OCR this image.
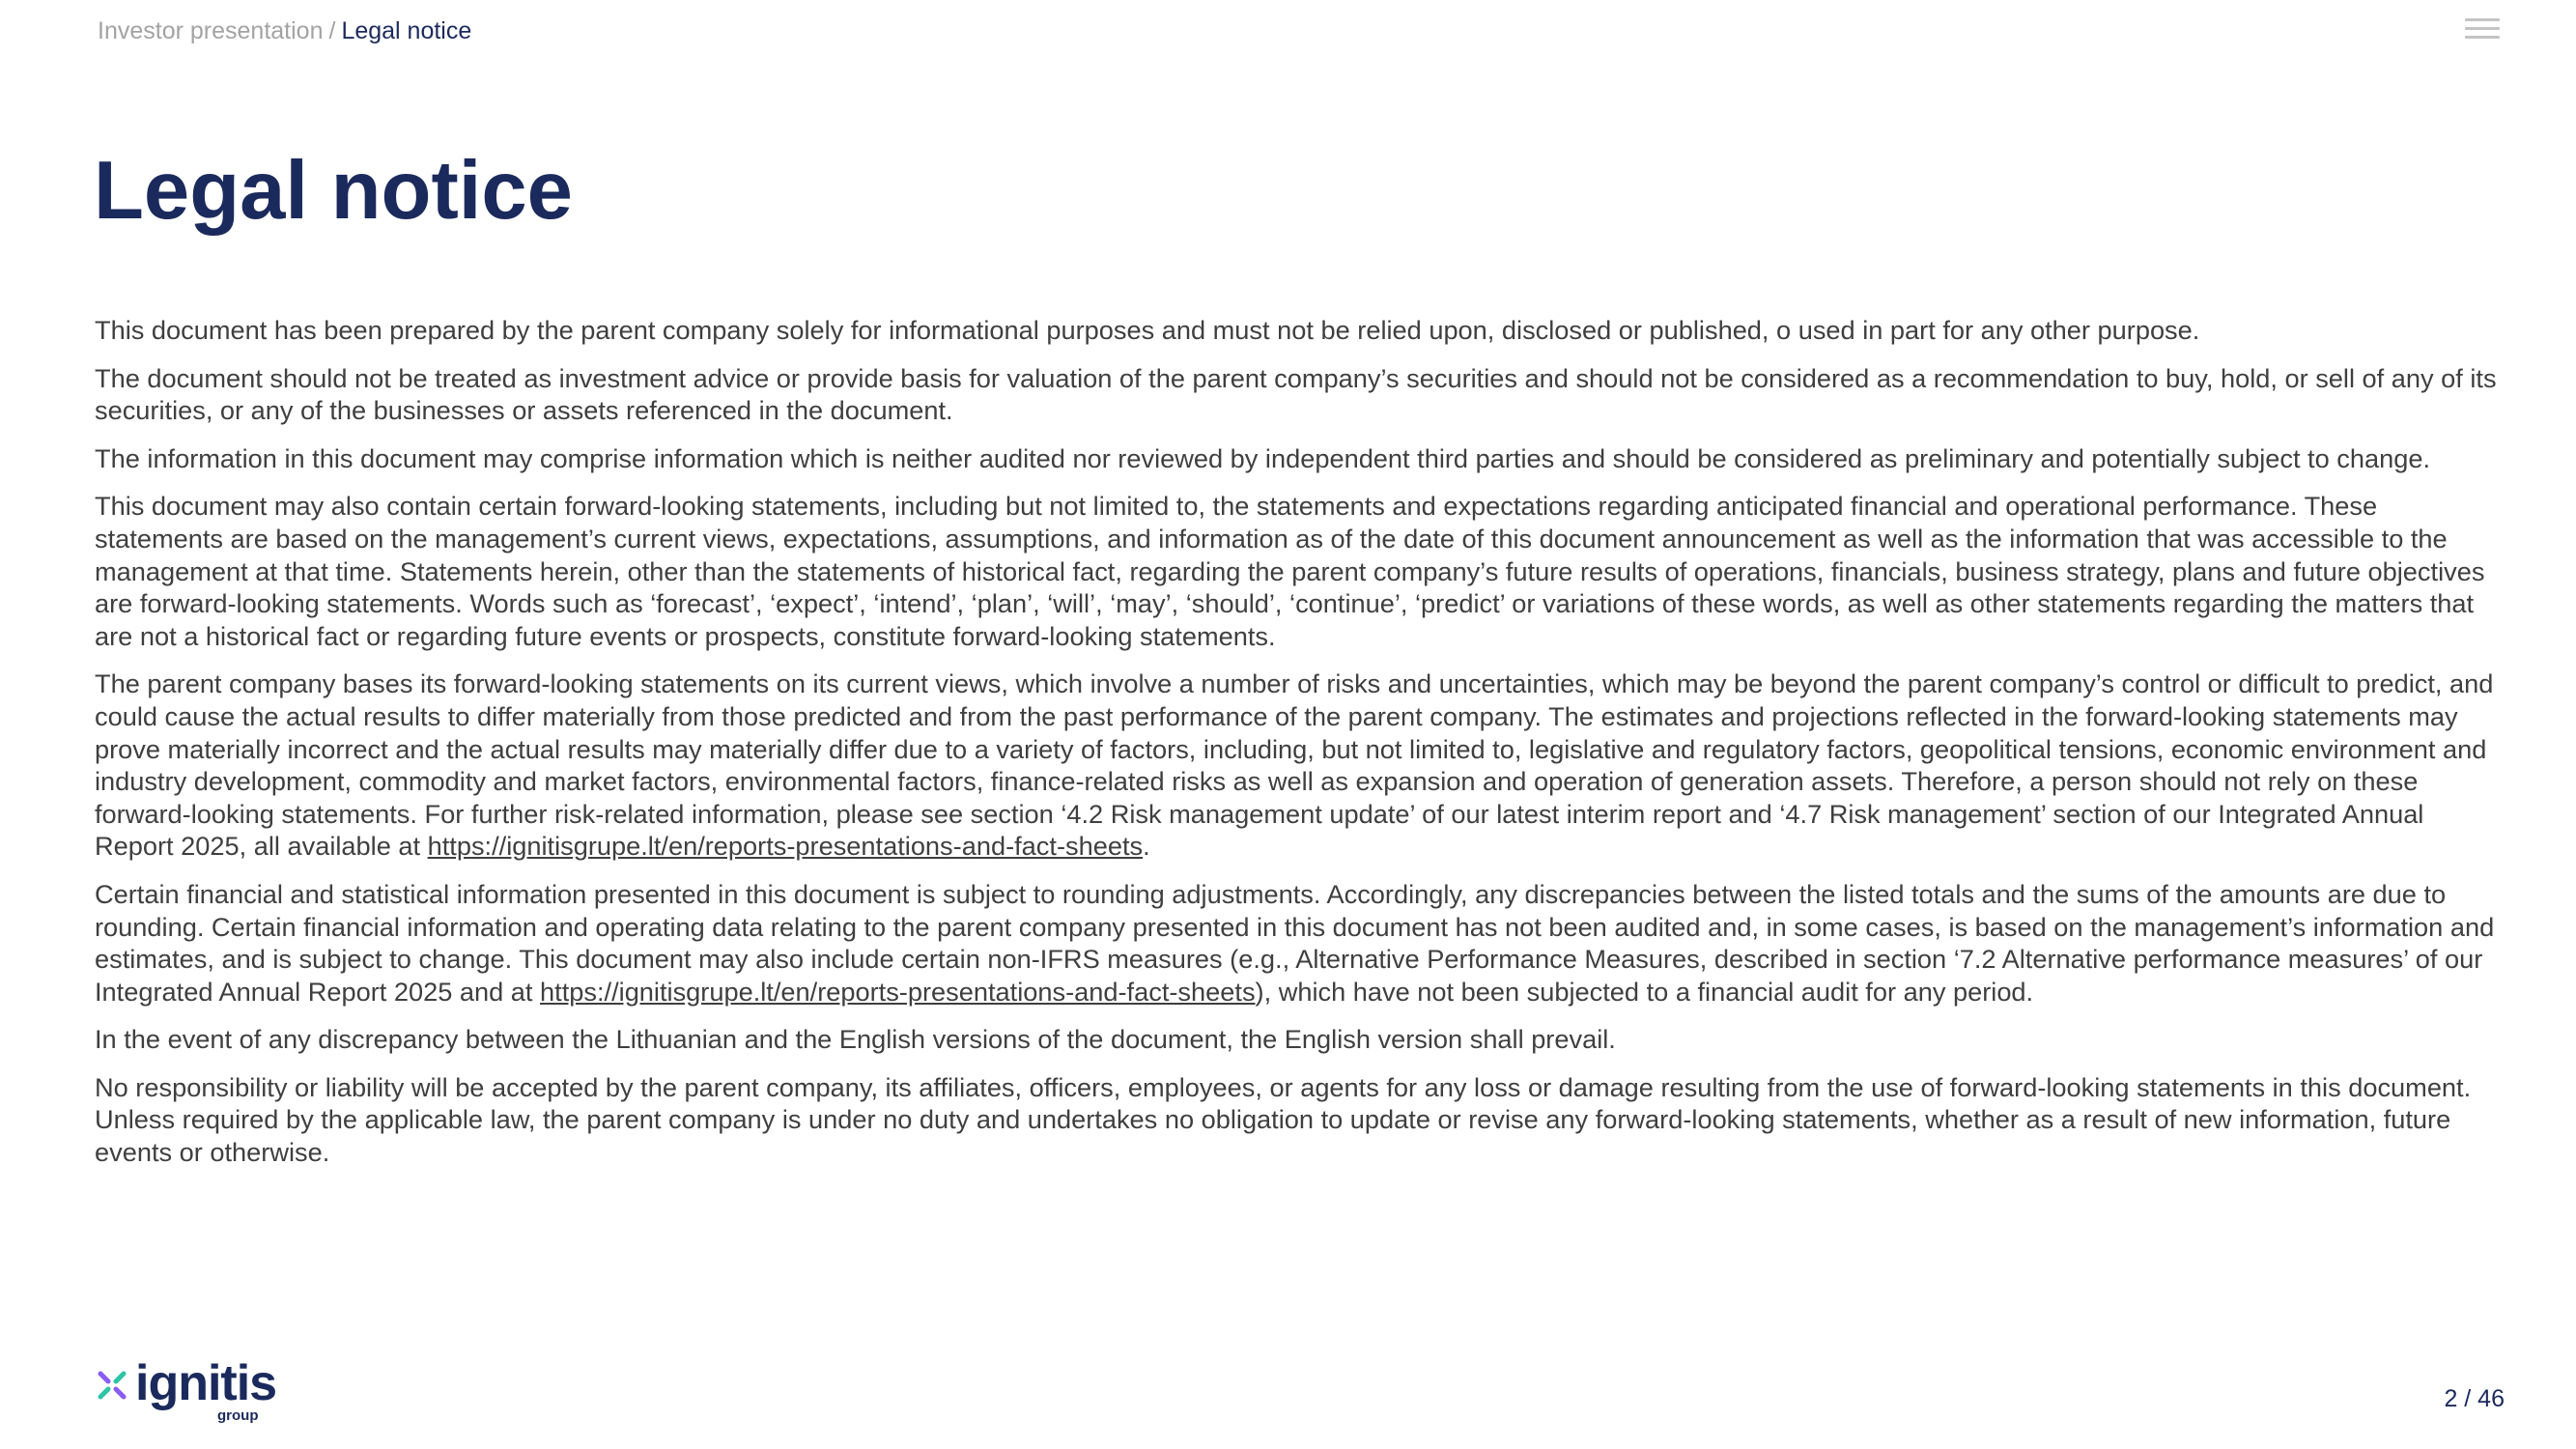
Investor presentation / Legal notice
Legal notice

This document has been prepared by the parent company solely for informational purposes and must not be relied upon, disclosed or published, o used in part for any other purpose.

The document should not be treated as investment advice or provide basis for valuation of the parent company’s securities and should not be considered as a recommendation to buy, hold, or sell of any of its securities, or any of the businesses or assets referenced in the document.

The information in this document may comprise information which is neither audited nor reviewed by independent third parties and should be considered as preliminary and potentially subject to change.

This document may also contain certain forward-looking statements, including but not limited to, the statements and expectations regarding anticipated financial and operational performance. These statements are based on the management’s current views, expectations, assumptions, and information as of the date of this document announcement as well as the information that was accessible to the management at that time. Statements herein, other than the statements of historical fact, regarding the parent company’s future results of operations, financials, business strategy, plans and future objectives are forward-looking statements. Words such as ‘forecast’, ‘expect’, ‘intend’, ‘plan’, ‘will’, ‘may’, ‘should’, ‘continue’, ‘predict’ or variations of these words, as well as other statements regarding the matters that are not a historical fact or regarding future events or prospects, constitute forward-looking statements.

The parent company bases its forward-looking statements on its current views, which involve a number of risks and uncertainties, which may be beyond the parent company’s control or difficult to predict, and could cause the actual results to differ materially from those predicted and from the past performance of the parent company. The estimates and projections reflected in the forward-looking statements may prove materially incorrect and the actual results may materially differ due to a variety of factors, including, but not limited to, legislative and regulatory factors, geopolitical tensions, economic environment and industry development, commodity and market factors, environmental factors, finance-related risks as well as expansion and operation of generation assets. Therefore, a person should not rely on these forward-looking statements. For further risk-related information, please see section ‘4.2 Risk management update’ of our latest interim report and ‘4.7 Risk management’ section of our Integrated Annual Report 2025, all available at https://ignitisgrupe.lt/en/reports-presentations-and-fact-sheets.

Certain financial and statistical information presented in this document is subject to rounding adjustments. Accordingly, any discrepancies between the listed totals and the sums of the amounts are due to rounding. Certain financial information and operating data relating to the parent company presented in this document has not been audited and, in some cases, is based on the management’s information and estimates, and is subject to change. This document may also include certain non-IFRS measures (e.g., Alternative Performance Measures, described in section ‘7.2 Alternative performance measures’ of our Integrated Annual Report 2025 and at https://ignitisgrupe.lt/en/reports-presentations-and-fact-sheets), which have not been subjected to a financial audit for any period.

In the event of any discrepancy between the Lithuanian and the English versions of the document, the English version shall prevail.

No responsibility or liability will be accepted by the parent company, its affiliates, officers, employees, or agents for any loss or damage resulting from the use of forward-looking statements in this document. Unless required by the applicable law, the parent company is under no duty and undertakes no obligation to update or revise any forward-looking statements, whether as a result of new information, future events or otherwise.

ignitis
group
2 / 46
